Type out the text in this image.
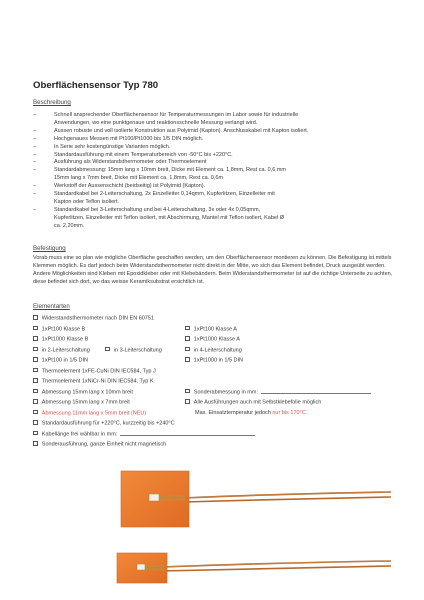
Oberflächensensor Typ 780
Beschreibung
–	Schnell ansprechender Oberflächensensor für Temperaturmessungen im Labor sowie für industrielle
Anwendungen, wo eine punktgenaue und reaktionsschnelle Messung verlangt wird.
–	Aussen robuste und voll isolierte Konstruktion aus Polyimid (Kapton). Anschlusskabel mit Kapton isoliert.
–	Hochgenaues Messen mit Pt100/Pt1000 bis 1/5 DIN möglich.
–	In Serie sehr kostengünstige Varianten möglich.
–	Standardausführung mit einem Temperaturbereich von -50°C bis +220°C.
–	Ausführung als Widerstandsthermometer oder Thermoelement
–	Standardabmessung: 15mm lang x 10mm breit, Dicke mit Element ca. 1,8mm, Rest ca. 0,6 mm
15mm lang x 7mm breit, Dicke mit Element ca. 1,8mm, Rest ca. 0,6m
–	Werkstoff der Aussenschicht (beidseitig) ist Polyimid (Kapton).
–	Standardkabel bei 2-Leiterschaltung, 2x Einzelleiter 0,14qmm, Kupferlitzen, Einzelleiter mit
Kapton oder Teflon isoliert.
–	Standardkabel bei 3-Leiterschaltung und bei 4-Leiterschaltung, 3x oder 4x 0,05qmm,
Kupferlitzen, Einzelleiter mit Teflon isoliert, mit Abschirmung, Mantel mit Teflon isoliert, Kabel Ø
ca. 2,20mm.
Befestigung

Vorab muss eine so plan wie mögliche Oberfläche geschaffen werden, um den Oberflächensensor montieren zu können. Die Befestigung ist mittels Klemmen möglich. Es darf jedoch beim Widerstandsthermometer nicht direkt in der Mitte, wo sich das Element befindet, Druck ausgeübt werden. Andere Möglichkeiten sind Kleben mit Epoxidkleber oder mit Klebebändern. Beim Widerstandsthermometer ist auf die richtige Unterseite zu achten, diese befindet sich dort, wo das weisse Keramiksubstrat ersichtlich ist.

Elementarten
Widerstandsthermometer nach DIN EN 60751
1xPt100 Klasse B	1xPt100 Klasse A
1xPt1000 Klasse B	1xPt1000 Klasse A
in 2-Leiterschaltung	in 3-Leiterschaltung	in 4-Leiterschaltung
1xPt100 in 1/5 DIN	1xPt1000 in 1/5 DIN
Thermoelement 1xFE-CuNi DIN IEC584, Typ J
Thermoelement 1xNiCr-Ni DIN IEC584, Typ K
Abmessung 15mm lang x 10mm breit	Sonderabmessung in mm:
Abmessung 15mm lang x 7mm breit	Alle Ausführungen auch mit Selbstklebefolie möglich
Abmessung 11mm lang x 5mm breit (NEU)	Max. Einsatztemperatur jedoch nur bis 170°C.
Standardausführung für +220°C, kurzzeitig bis +240°C
Kabellänge frei wählbar in mm:
Sonderausführung, ganze Einheit nicht magnetisch
